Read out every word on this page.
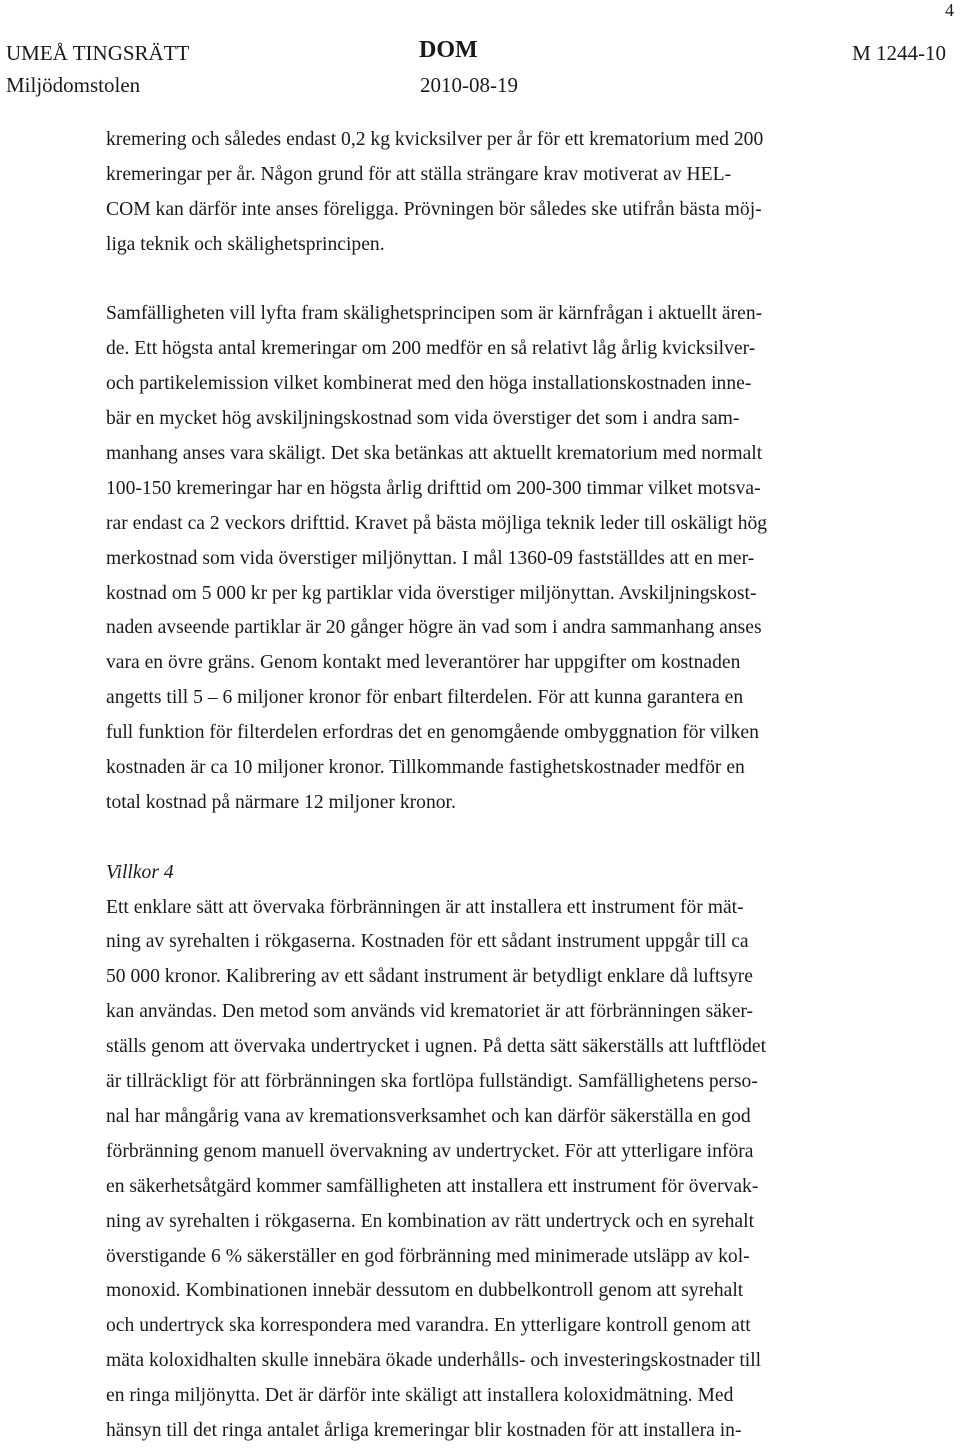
4
UMEÅ TINGSRÄTT
Miljödomstolen
DOM
2010-08-19
M 1244-10
kremering och således endast 0,2 kg kvicksilver per år för ett krematorium med 200
kremeringar per år. Någon grund för att ställa strängare krav motiverat av HEL-
COM kan därför inte anses föreligga. Prövningen bör således ske utifrån bästa möj-
liga teknik och skälighetsprincipen.
Samfälligheten vill lyfta fram skälighetsprincipen som är kärnfrågan i aktuellt ären-
de. Ett högsta antal kremeringar om 200 medför en så relativt låg årlig kvicksilver-
och partikelemission vilket kombinerat med den höga installationskostnaden inne-
bär en mycket hög avskiljningskostnad som vida överstiger det som i andra sam-
manhang anses vara skäligt. Det ska betänkas att aktuellt krematorium med normalt
100-150 kremeringar har en högsta årlig drifttid om 200-300 timmar vilket motsva-
rar endast ca 2 veckors drifttid. Kravet på bästa möjliga teknik leder till oskäligt hög
merkostnad som vida överstiger miljönyttan. I mål 1360-09 fastställdes att en mer-
kostnad om 5 000 kr per kg partiklar vida överstiger miljönyttan. Avskiljningskost-
naden avseende partiklar är 20 gånger högre än vad som i andra sammanhang anses
vara en övre gräns. Genom kontakt med leverantörer har uppgifter om kostnaden
angetts till 5 – 6 miljoner kronor för enbart filterdelen. För att kunna garantera en
full funktion för filterdelen erfordras det en genomgående ombyggnation för vilken
kostnaden är ca 10 miljoner kronor. Tillkommande fastighetskostnader medför en
total kostnad på närmare 12 miljoner kronor.
Villkor 4
Ett enklare sätt att övervaka förbränningen är att installera ett instrument för mät-
ning av syrehalten i rökgaserna. Kostnaden för ett sådant instrument uppgår till ca
50 000 kronor. Kalibrering av ett sådant instrument är betydligt enklare då luftsyre
kan användas. Den metod som används vid krematoriet är att förbränningen säker-
ställs genom att övervaka undertrycket i ugnen. På detta sätt säkerställs att luftflödet
är tillräckligt för att förbränningen ska fortlöpa fullständigt. Samfällighetens perso-
nal har mångårig vana av kremationsverksamhet och kan därför säkerställa en god
förbränning genom manuell övervakning av undertrycket. För att ytterligare införa
en säkerhetsåtgärd kommer samfälligheten att installera ett instrument för övervak-
ning av syrehalten i rökgaserna. En kombination av rätt undertryck och en syrehalt
överstigande 6 % säkerställer en god förbränning med minimerade utsläpp av kol-
monoxid. Kombinationen innebär dessutom en dubbelkontroll genom att syrehalt
och undertryck ska korrespondera med varandra. En ytterligare kontroll genom att
mäta koloxidhalten skulle innebära ökade underhålls- och investeringskostnader till
en ringa miljönytta. Det är därför inte skäligt att installera koloxidmätning. Med
hänsyn till det ringa antalet årliga kremeringar blir kostnaden för att installera in-
